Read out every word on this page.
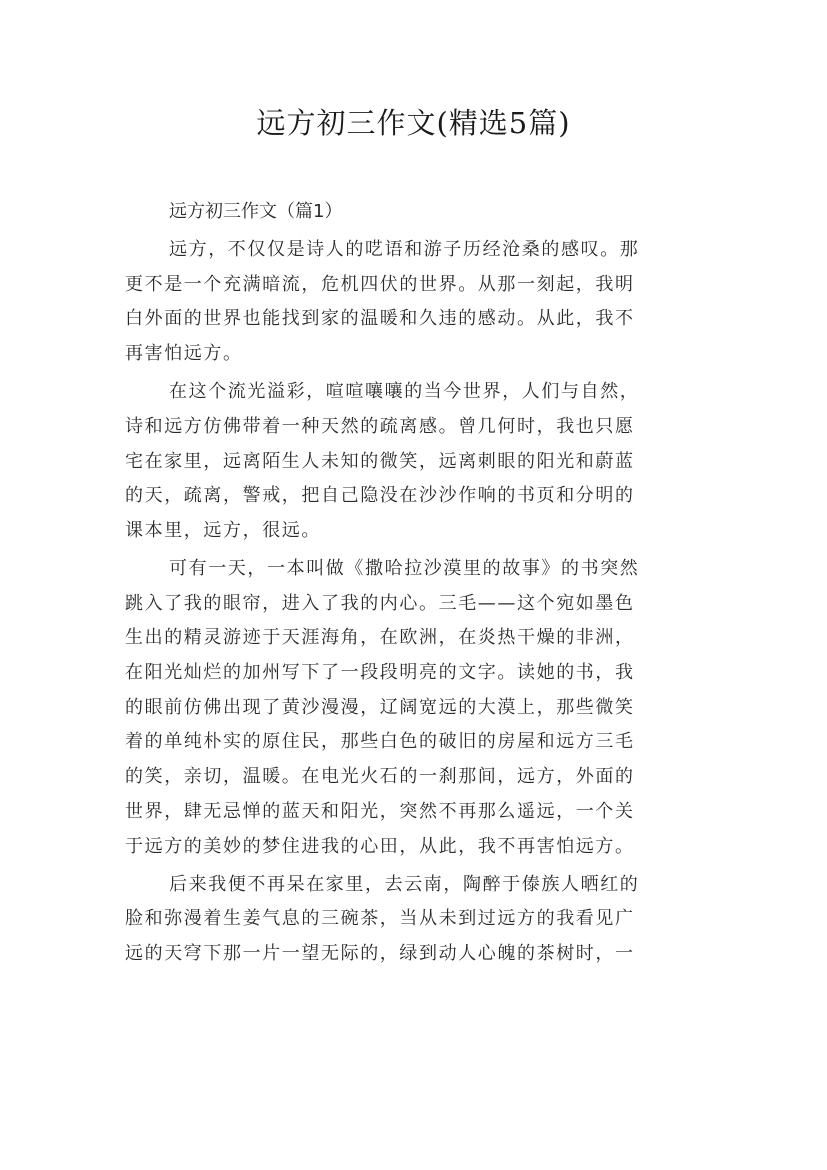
远方初三作文(精选5篇)
远方初三作文（篇1）

远方，不仅仅是诗人的呓语和游子历经沧桑的感叹。那
更不是一个充满暗流，危机四伏的世界。从那一刻起，我明
白外面的世界也能找到家的温暖和久违的感动。从此，我不
再害怕远方。

在这个流光溢彩，喧喧嚷嚷的当今世界，人们与自然，
诗和远方仿佛带着一种天然的疏离感。曾几何时，我也只愿
宅在家里，远离陌生人未知的微笑，远离刺眼的阳光和蔚蓝
的天，疏离，警戒，把自己隐没在沙沙作响的书页和分明的
课本里，远方，很远。

可有一天，一本叫做《撒哈拉沙漠里的故事》的书突然
跳入了我的眼帘，进入了我的内心。三毛——这个宛如墨色
生出的精灵游迹于天涯海角，在欧洲，在炎热干燥的非洲，
在阳光灿烂的加州写下了一段段明亮的文字。读她的书，我
的眼前仿佛出现了黄沙漫漫，辽阔宽远的大漠上，那些微笑
着的单纯朴实的原住民，那些白色的破旧的房屋和远方三毛
的笑，亲切，温暖。在电光火石的一刹那间，远方，外面的
世界，肆无忌惮的蓝天和阳光，突然不再那么遥远，一个关
于远方的美妙的梦住进我的心田，从此，我不再害怕远方。

后来我便不再呆在家里，去云南，陶醉于傣族人晒红的
脸和弥漫着生姜气息的三碗茶，当从未到过远方的我看见广
远的天穹下那一片一望无际的，绿到动人心魄的茶树时，一
